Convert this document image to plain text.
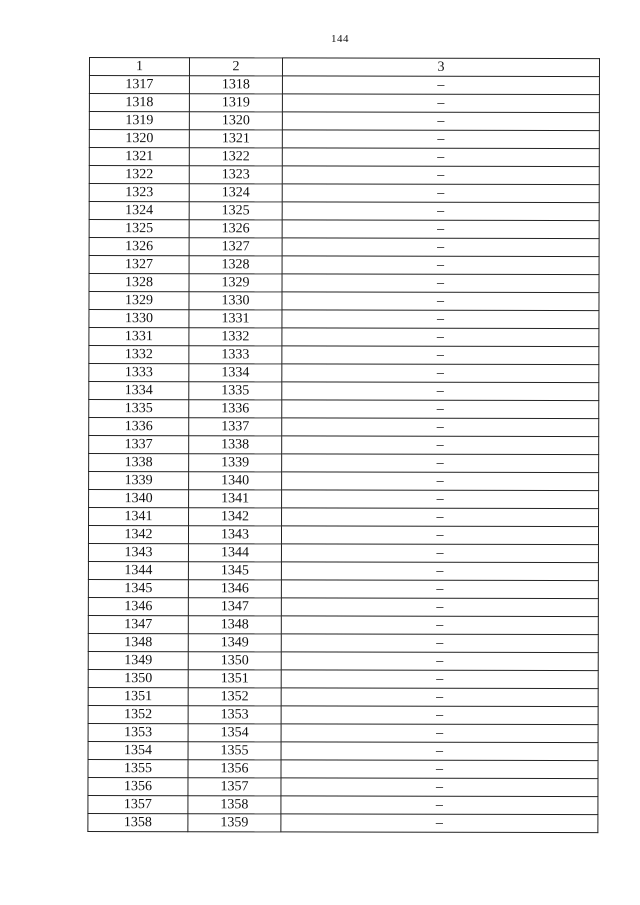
144
1	2	3
1317	1318	–
1318	1319	–
1319	1320	–
1320	1321	–
1321	1322	–
1322	1323	–
1323	1324	–
1324	1325	–
1325	1326	–
1326	1327	–
1327	1328	–
1328	1329	–
1329	1330	–
1330	1331	–
1331	1332	–
1332	1333	–
1333	1334	–
1334	1335	–
1335	1336	–
1336	1337	–
1337	1338	–
1338	1339	–
1339	1340	–
1340	1341	–
1341	1342	–
1342	1343	–
1343	1344	–
1344	1345	–
1345	1346	–
1346	1347	–
1347	1348	–
1348	1349	–
1349	1350	–
1350	1351	–
1351	1352	–
1352	1353	–
1353	1354	–
1354	1355	–
1355	1356	–
1356	1357	–
1357	1358	–
1358	1359	–
